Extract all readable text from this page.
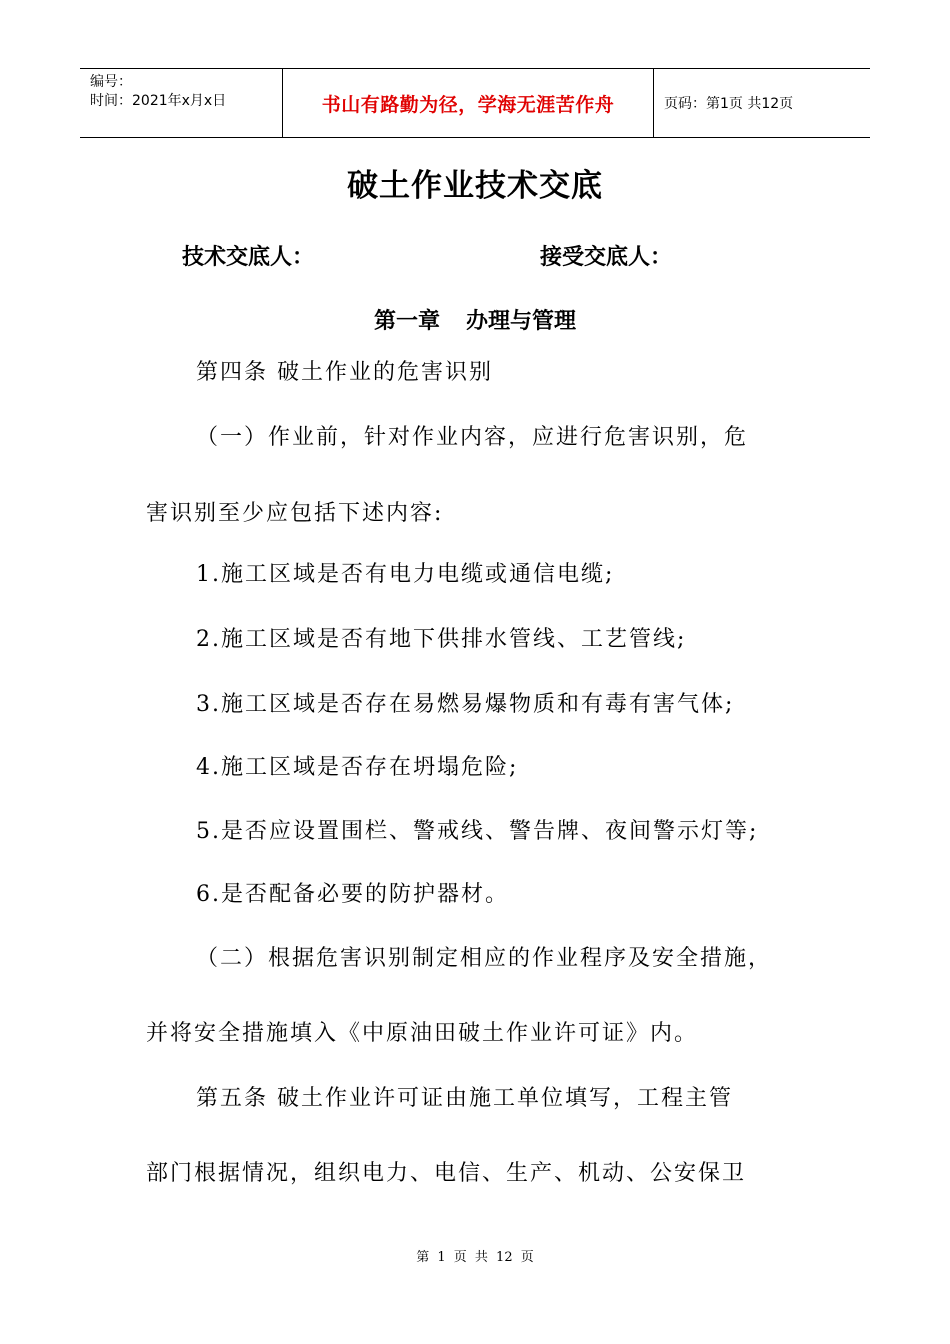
编号：
时间：2021年x月x日	书山有路勤为径，学海无涯苦作舟	页码：第1页 共12页
破土作业技术交底
技术交底人：	接受交底人：
第一章 办理与管理
第四条 破土作业的危害识别
（一）作业前，针对作业内容，应进行危害识别，危
害识别至少应包括下述内容:
1.施工区域是否有电力电缆或通信电缆;
2.施工区域是否有地下供排水管线、工艺管线;
3.施工区域是否存在易燃易爆物质和有毒有害气体;
4.施工区域是否存在坍塌危险;
5.是否应设置围栏、警戒线、警告牌、夜间警示灯等;
6.是否配备必要的防护器材。
（二）根据危害识别制定相应的作业程序及安全措施，
并将安全措施填入《中原油田破土作业许可证》内。
第五条 破土作业许可证由施工单位填写，工程主管
部门根据情况，组织电力、电信、生产、机动、公安保卫
第 1 页 共 12 页
